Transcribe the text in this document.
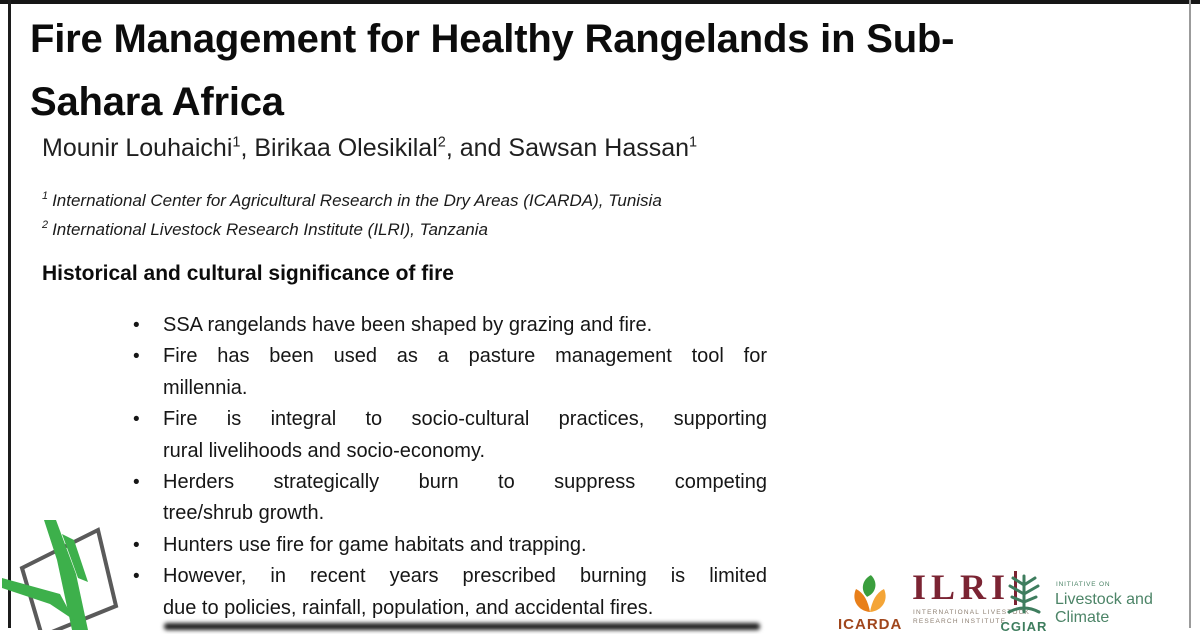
Fire Management for Healthy Rangelands in Sub-
Sahara Africa
Mounir Louhaichi$^1$, Birikaa Olesikilal$^2$, and Sawsan Hassan$^1$
$^1$ International Center for Agricultural Research in the Dry Areas (ICARDA), Tunisia
$^2$ International Livestock Research Institute (ILRI), Tanzania
Historical and cultural significance of fire
•	SSA rangelands have been shaped by grazing and fire.
•	Fire has been used as a pasture management tool for
millennia.
•	Fire is integral to socio-cultural practices, supporting
rural livelihoods and socio-economy.
•	Herders strategically burn to suppress competing
tree/shrub growth.
•	Hunters use fire for game habitats and trapping.
•	However, in recent years prescribed burning is limited
due to policies, rainfall, population, and accidental fires.
ICARDA
ILRI
INTERNATIONAL LIVESTOCK
RESEARCH INSTITUTE
CGIAR
INITIATIVE ON
Livestock and Climate
